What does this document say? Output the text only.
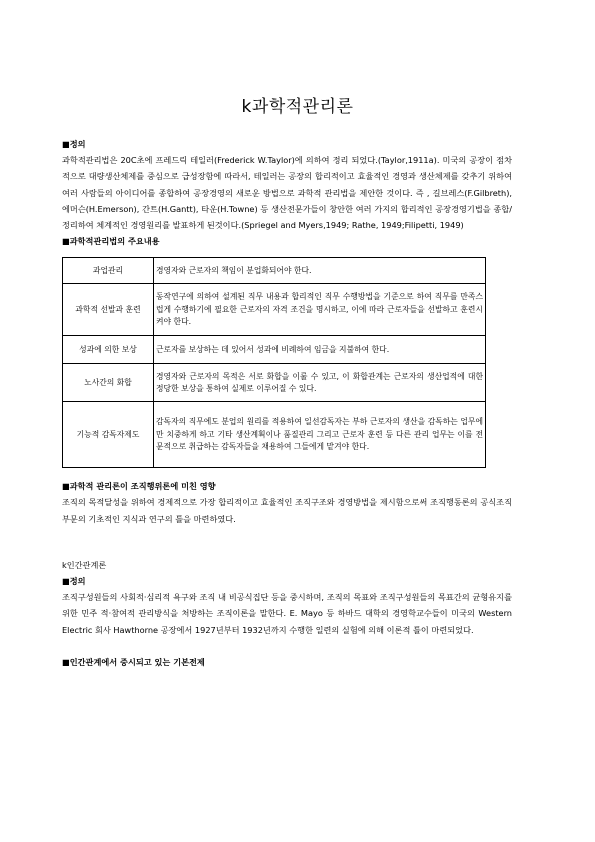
k과학적관리론
■정의

과학적관리법은 20C초에 프레드릭 테일러(Frederick W.Taylor)에 의하여 정리 되었다.(Taylor,1911a). 미국의 공장이 점차적으로 대량생산체제를 중심으로 급성장함에 따라서, 테일러는 공장의 합리적이고 효율적인 경영과 생산체제를 갖추기 위하여 여러 사람들의 아이디어를 종합하여 공장경영의 새로운 방법으로 과학적 관리법을 제안한 것이다. 즉 , 길브레스(F.Gilbreth), 에머슨(H.Emerson), 간트(H.Gantt), 타운(H.Towne) 등 생산전문가들이 창안한 여러 가지의 합리적인 공장경영기법을 종합/정리하여 체계적인 경영원리를 발표하게 된것이다.(Spriegel and Myers,1949; Rathe, 1949;Filipetti, 1949)

■과학적관리법의 주요내용
과업관리	경영자와 근로자의 책임이 분업화되어야 한다.
과학적 선발과 훈련	동작연구에 의하여 설계된 직무 내용과 합리적인 직무 수행방법을 기준으로 하여 직무를 만족스럽게 수행하기에 필요한 근로자의 자격 조건을 명시하고, 이에 따라 근로자들을 선발하고 훈련시켜야 한다.
성과에 의한 보상	근로자를 보상하는 데 있어서 성과에 비례하여 임금을 지불하여 한다.
노사간의 화합	경영자와 근로자의 목적은 서로 화합을 이룰 수 있고, 이 화합관계는 근로자의 생산업적에 대한 정당한 보상을 통하여 실제로 이루어질 수 있다.
기능적 감독자제도	감독자의 직무에도 분업의 원리를 적용하여 일선감독자는 부하 근로자의 생산을 감독하는 업무에만 치중하게 하고 기타 생산계획이나 품질관리 그리고 근로자 훈련 등 다른 관리 업무는 이를 전문적으로 취급하는 감독자들을 채용하여 그들에게 맡겨야 한다.
■과학적 관리론이 조직행위론에 미친 영향

조직의 목적달성을 위하여 경제적으로 가장 합리적이고 효율적인 조직구조와 경영방법을 제시함으로써 조직행동론의 공식조직부문의 기초적인 지식과 연구의 틀을 마련하였다.

k인간관계론
■정의

조직구성원들의 사회적·심리적 욕구와 조직 내 비공식집단 등을 중시하며, 조직의 목표와 조직구성원들의 목표간의 균형유지를 위한 민주 적·참여적 관리방식을 처방하는 조직이론을 말한다. E. Mayo 등 하바드 대학의 경영학교수들이 미국의 Western Electric 회사 Hawthorne 공장에서 1927년부터 1932년까지 수행한 일련의 실험에 의해 이론적 틀이 마련되었다.

■인간관계에서 중시되고 있는 기본전제
